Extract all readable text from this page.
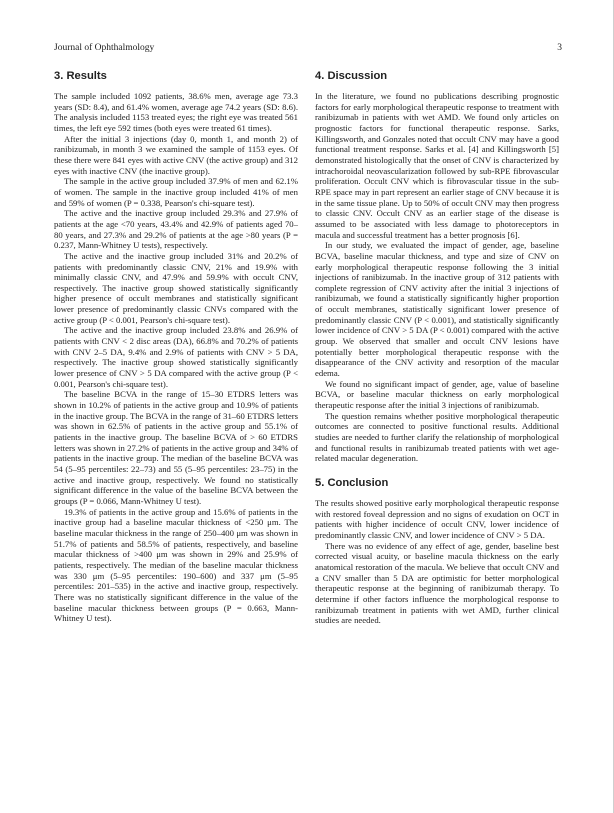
Journal of Ophthalmology	3
3. Results

The sample included 1092 patients, 38.6% men, average age 73.3 years (SD: 8.4), and 61.4% women, average age 74.2 years (SD: 8.6). The analysis included 1153 treated eyes; the right eye was treated 561 times, the left eye 592 times (both eyes were treated 61 times).

After the initial 3 injections (day 0, month 1, and month 2) of ranibizumab, in month 3 we examined the sample of 1153 eyes. Of these there were 841 eyes with active CNV (the active group) and 312 eyes with inactive CNV (the inactive group).

The sample in the active group included 37.9% of men and 62.1% of women. The sample in the inactive group included 41% of men and 59% of women (P = 0.338, Pearson's chi-square test).

The active and the inactive group included 29.3% and 27.9% of patients at the age <70 years, 43.4% and 42.9% of patients aged 70–80 years, and 27.3% and 29.2% of patients at the age >80 years (P = 0.237, Mann-Whitney U tests), respectively.

The active and the inactive group included 31% and 20.2% of patients with predominantly classic CNV, 21% and 19.9% with minimally classic CNV, and 47.9% and 59.9% with occult CNV, respectively. The inactive group showed statistically significantly higher presence of occult membranes and statistically significant lower presence of predominantly classic CNVs compared with the active group (P < 0.001, Pearson's chi-square test).

The active and the inactive group included 23.8% and 26.9% of patients with CNV < 2 disc areas (DA), 66.8% and 70.2% of patients with CNV 2–5 DA, 9.4% and 2.9% of patients with CNV > 5 DA, respectively. The inactive group showed statistically significantly lower presence of CNV > 5 DA compared with the active group (P < 0.001, Pearson's chi-square test).

The baseline BCVA in the range of 15–30 ETDRS letters was shown in 10.2% of patients in the active group and 10.9% of patients in the inactive group. The BCVA in the range of 31–60 ETDRS letters was shown in 62.5% of patients in the active group and 55.1% of patients in the inactive group. The baseline BCVA of > 60 ETDRS letters was shown in 27.2% of patients in the active group and 34% of patients in the inactive group. The median of the baseline BCVA was 54 (5–95 percentiles: 22–73) and 55 (5–95 percentiles: 23–75) in the active and inactive group, respectively. We found no statistically significant difference in the value of the baseline BCVA between the groups (P = 0.066, Mann-Whitney U test).

19.3% of patients in the active group and 15.6% of patients in the inactive group had a baseline macular thickness of <250 μm. The baseline macular thickness in the range of 250–400 μm was shown in 51.7% of patients and 58.5% of patients, respectively, and baseline macular thickness of >400 μm was shown in 29% and 25.9% of patients, respectively. The median of the baseline macular thickness was 330 μm (5–95 percentiles: 190–600) and 337 μm (5–95 percentiles: 201–535) in the active and inactive group, respectively. There was no statistically significant difference in the value of the baseline macular thickness between groups (P = 0.663, Mann-Whitney U test).

4. Discussion

In the literature, we found no publications describing prognostic factors for early morphological therapeutic response to treatment with ranibizumab in patients with wet AMD. We found only articles on prognostic factors for functional therapeutic response. Sarks, Killingsworth, and Gonzales noted that occult CNV may have a good functional treatment response. Sarks et al. [4] and Killingsworth [5] demonstrated histologically that the onset of CNV is characterized by intrachoroidal neovascularization followed by sub-RPE fibrovascular proliferation. Occult CNV which is fibrovascular tissue in the sub-RPE space may in part represent an earlier stage of CNV because it is in the same tissue plane. Up to 50% of occult CNV may then progress to classic CNV. Occult CNV as an earlier stage of the disease is assumed to be associated with less damage to photoreceptors in macula and successful treatment has a better prognosis [6].

In our study, we evaluated the impact of gender, age, baseline BCVA, baseline macular thickness, and type and size of CNV on early morphological therapeutic response following the 3 initial injections of ranibizumab. In the inactive group of 312 patients with complete regression of CNV activity after the initial 3 injections of ranibizumab, we found a statistically significantly higher proportion of occult membranes, statistically significant lower presence of predominantly classic CNV (P < 0.001), and statistically significantly lower incidence of CNV > 5 DA (P < 0.001) compared with the active group. We observed that smaller and occult CNV lesions have potentially better morphological therapeutic response with the disappearance of the CNV activity and resorption of the macular edema.

We found no significant impact of gender, age, value of baseline BCVA, or baseline macular thickness on early morphological therapeutic response after the initial 3 injections of ranibizumab.

The question remains whether positive morphological therapeutic outcomes are connected to positive functional results. Additional studies are needed to further clarify the relationship of morphological and functional results in ranibizumab treated patients with wet age-related macular degeneration.

5. Conclusion

The results showed positive early morphological therapeutic response with restored foveal depression and no signs of exudation on OCT in patients with higher incidence of occult CNV, lower incidence of predominantly classic CNV, and lower incidence of CNV > 5 DA.

There was no evidence of any effect of age, gender, baseline best corrected visual acuity, or baseline macula thickness on the early anatomical restoration of the macula. We believe that occult CNV and a CNV smaller than 5 DA are optimistic for better morphological therapeutic response at the beginning of ranibizumab therapy. To determine if other factors influence the morphological response to ranibizumab treatment in patients with wet AMD, further clinical studies are needed.
